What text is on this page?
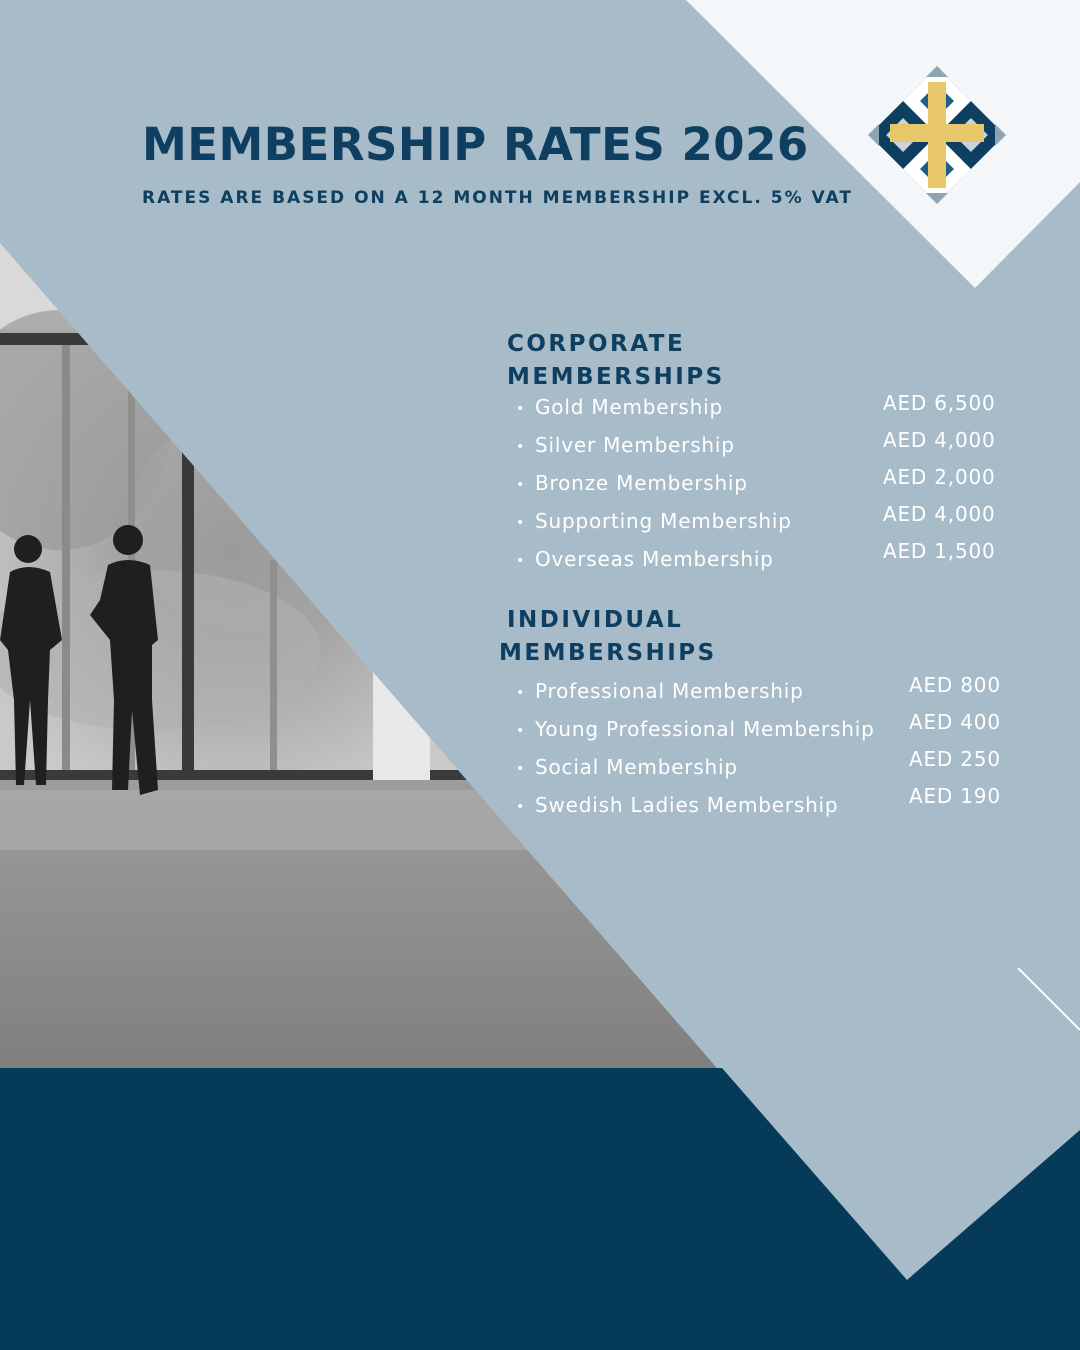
MEMBERSHIP RATES 2026

RATES ARE BASED ON A 12 MONTH MEMBERSHIP EXCL. 5% VAT

CORPORATE
MEMBERSHIPS
• Gold Membership
• Silver Membership
• Bronze Membership
• Supporting Membership
• Overseas Membership
AED 6,500
AED 4,000
AED 2,000
AED 4,000
AED 1,500
INDIVIDUAL
MEMBERSHIPS
• Professional Membership
• Young Professional Membership
• Social Membership
• Swedish Ladies Membership
AED 800
AED 400
AED 250
AED 190
